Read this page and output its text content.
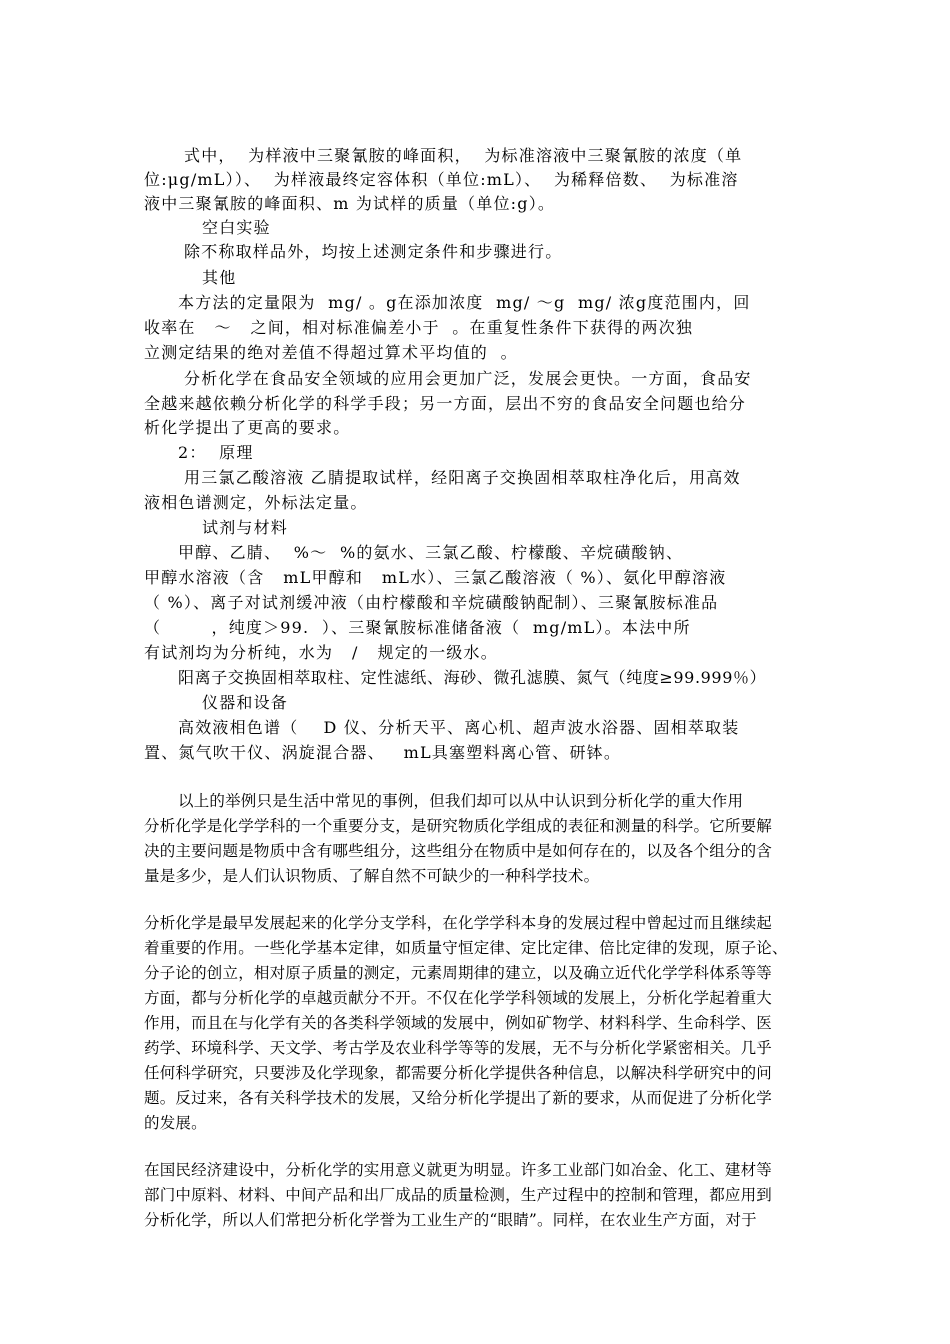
式中，  为样液中三聚氰胺的峰面积，  为标准溶液中三聚氰胺的浓度（单
位:μg/mL））、  为样液最终定容体积（单位:mL）、  为稀释倍数、  为标准溶
液中三聚氰胺的峰面积、m 为试样的质量（单位:g）。
空白实验
除不称取样品外，均按上述测定条件和步骤进行。
其他
本方法的定量限为  mg/ 。g在添加浓度  mg/ ～g  mg/ 浓g度范围内，回
收率在   ～   之间，相对标准偏差小于  。在重复性条件下获得的两次独
立测定结果的绝对差值不得超过算术平均值的  。
分析化学在食品安全领域的应用会更加广泛，发展会更快。一方面，食品安
全越来越依赖分析化学的科学手段；另一方面，层出不穷的食品安全问题也给分
析化学提出了更高的要求。
2：  原理
用三氯乙酸溶液 乙腈提取试样，经阳离子交换固相萃取柱净化后，用高效
液相色谱测定，外标法定量。
试剂与材料
甲醇、乙腈、  %～  %的氨水、三氯乙酸、柠檬酸、辛烷磺酸钠、
甲醇水溶液（含   mL甲醇和   mL水）、三氯乙酸溶液（ %）、氨化甲醇溶液
（ %）、离子对试剂缓冲液（由柠檬酸和辛烷磺酸钠配制）、三聚氰胺标准品
（        ，纯度＞99.  ）、三聚氰胺标准储备液（  mg/mL）。本法中所
有试剂均为分析纯，水为   /   规定的一级水。
阳离子交换固相萃取柱、定性滤纸、海砂、微孔滤膜、氮气（纯度≥99.999％）
仪器和设备
高效液相色谱（    D 仪、分析天平、离心机、超声波水浴器、固相萃取装
置、氮气吹干仪、涡旋混合器、   mL具塞塑料离心管、研钵。
以上的举例只是生活中常见的事例，但我们却可以从中认识到分析化学的重大作用
分析化学是化学学科的一个重要分支，是研究物质化学组成的表征和测量的科学。它所要解
决的主要问题是物质中含有哪些组分，这些组分在物质中是如何存在的，以及各个组分的含
量是多少，是人们认识物质、了解自然不可缺少的一种科学技术。
分析化学是最早发展起来的化学分支学科，在化学学科本身的发展过程中曾起过而且继续起
着重要的作用。一些化学基本定律，如质量守恒定律、定比定律、倍比定律的发现，原子论、
分子论的创立，相对原子质量的测定，元素周期律的建立，以及确立近代化学学科体系等等
方面，都与分析化学的卓越贡献分不开。不仅在化学学科领域的发展上，分析化学起着重大
作用，而且在与化学有关的各类科学领域的发展中，例如矿物学、材料科学、生命科学、医
药学、环境科学、天文学、考古学及农业科学等等的发展，无不与分析化学紧密相关。几乎
任何科学研究，只要涉及化学现象，都需要分析化学提供各种信息，以解决科学研究中的问
题。反过来，各有关科学技术的发展，又给分析化学提出了新的要求，从而促进了分析化学
的发展。
在国民经济建设中，分析化学的实用意义就更为明显。许多工业部门如冶金、化工、建材等
部门中原料、材料、中间产品和出厂成品的质量检测，生产过程中的控制和管理，都应用到
分析化学，所以人们常把分析化学誉为工业生产的“眼睛”。同样，在农业生产方面，对于
